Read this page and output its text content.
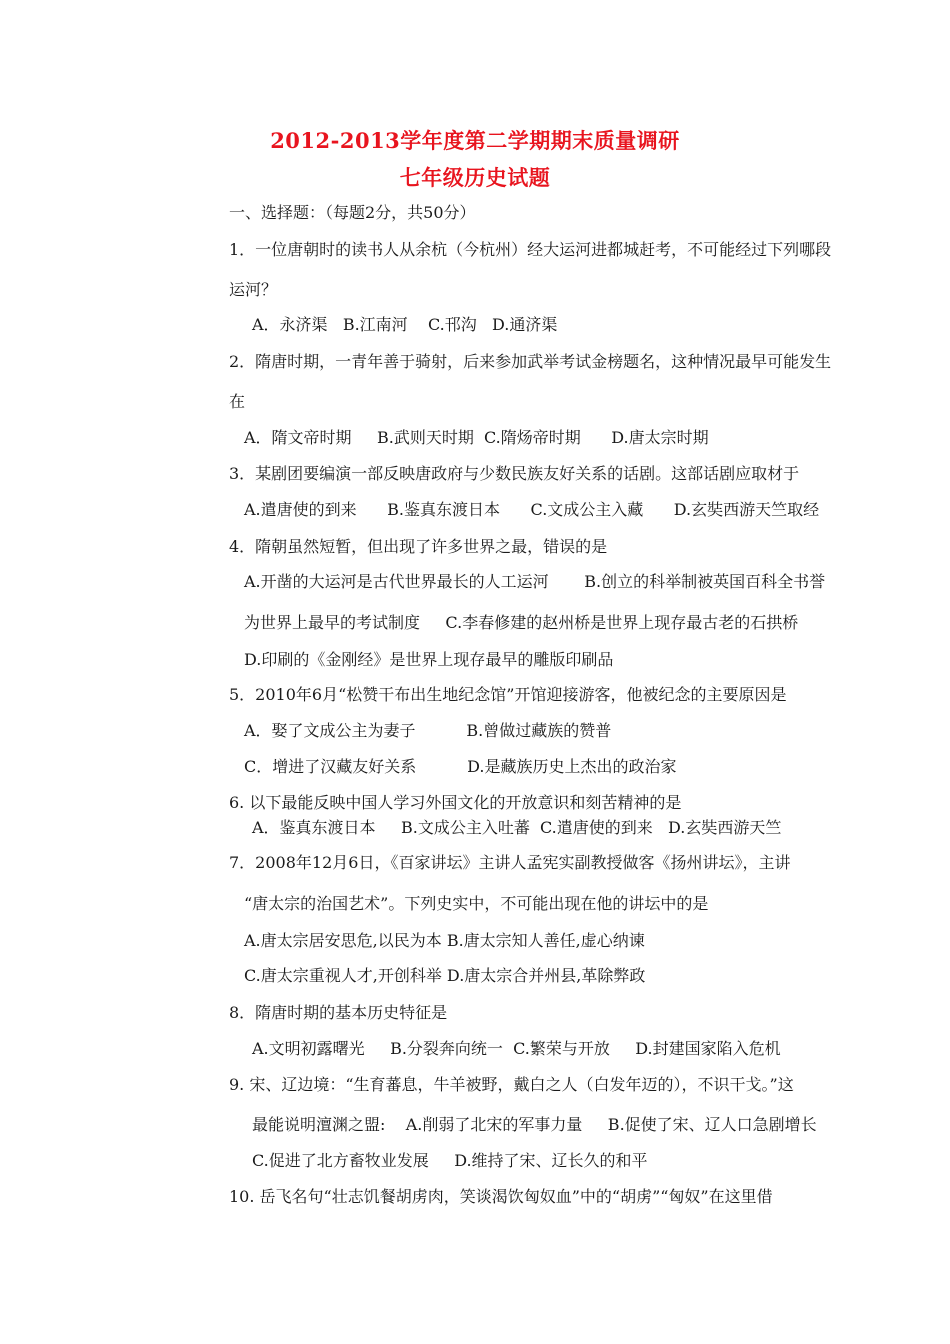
2012-2013学年度第二学期期末质量调研
七年级历史试题
一、选择题：（每题2分，共50分）
1．一位唐朝时的读书人从余杭（今杭州）经大运河进都城赶考，不可能经过下列哪段
运河？
A．永济渠   B.江南河    C.邗沟   D.通济渠
2．隋唐时期，一青年善于骑射，后来参加武举考试金榜题名，这种情况最早可能发生
在
A．隋文帝时期     B.武则天时期  C.隋炀帝时期      D.唐太宗时期
3．某剧团要编演一部反映唐政府与少数民族友好关系的话剧。这部话剧应取材于
A.遣唐使的到来      B.鉴真东渡日本      C.文成公主入藏      D.玄奘西游天竺取经
4．隋朝虽然短暂，但出现了许多世界之最，错误的是
A.开凿的大运河是古代世界最长的人工运河       B.创立的科举制被英国百科全书誉
为世界上最早的考试制度     C.李春修建的赵州桥是世界上现存最古老的石拱桥
D.印刷的《金刚经》是世界上现存最早的雕版印刷品
5．2010年6月“松赞干布出生地纪念馆”开馆迎接游客，他被纪念的主要原因是
A．娶了文成公主为妻子          B.曾做过藏族的赞普
C．增进了汉藏友好关系          D.是藏族历史上杰出的政治家
6. 以下最能反映中国人学习外国文化的开放意识和刻苦精神的是
A．鉴真东渡日本     B.文成公主入吐蕃  C.遣唐使的到来   D.玄奘西游天竺
7．2008年12月6日，《百家讲坛》主讲人孟宪实副教授做客《扬州讲坛》，主讲
“唐太宗的治国艺术”。下列史实中，不可能出现在他的讲坛中的是
A.唐太宗居安思危,以民为本 B.唐太宗知人善任,虚心纳谏
C.唐太宗重视人才,开创科举 D.唐太宗合并州县,革除弊政
8．隋唐时期的基本历史特征是
A.文明初露曙光     B.分裂奔向统一  C.繁荣与开放     D.封建国家陷入危机
9. 宋、辽边境：“生育蕃息，牛羊被野，戴白之人（白发年迈的），不识干戈。”这
最能说明澶渊之盟:    A.削弱了北宋的军事力量     B.促使了宋、辽人口急剧增长
C.促进了北方畜牧业发展     D.维持了宋、辽长久的和平
10. 岳飞名句“壮志饥餐胡虏肉，笑谈渴饮匈奴血”中的“胡虏”“匈奴”在这里借
